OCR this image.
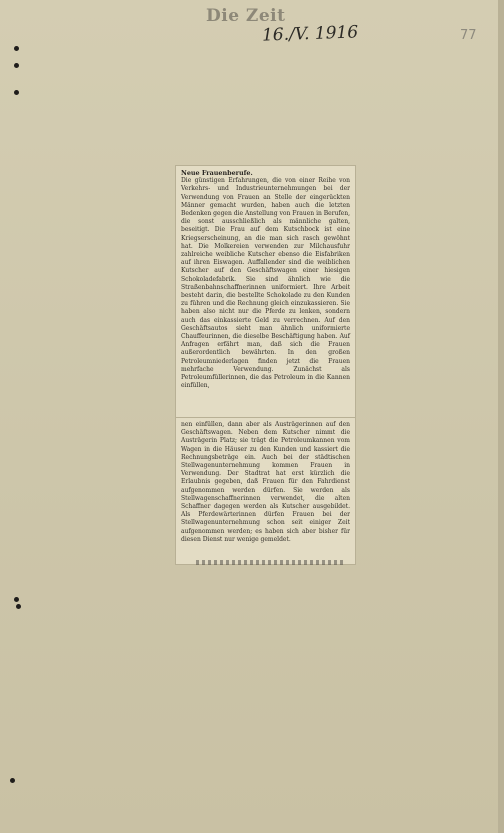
Die Zeit
16./V. 1916	77

Neue Frauenberufe.

Die günstigen Erfahrungen, die von einer Reihe von Verkehrs- und Industrieunternehmungen bei der Verwendung von Frauen an Stelle der eingerückten Männer gemacht wurden, haben auch die letzten Bedenken gegen die Anstellung von Frauen in Berufen, die sonst ausschließlich als männliche galten, beseitigt. Die Frau auf dem Kutschbock ist eine Kriegserscheinung, an die man sich rasch gewöhnt hat. Die Molkereien verwenden zur Milchausfuhr zahlreiche weibliche Kutscher ebenso die Eisfabriken auf ihren Eiswagen. Auffallender sind die weiblichen Kutscher auf den Geschäftswagen einer hiesigen Schokoladefabrik. Sie sind ähnlich wie die Straßenbahnschaffnerinnen uniformiert. Ihre Arbeit besteht darin, die bestellte Schokolade zu den Kunden zu führen und die Rechnung gleich einzukassieren. Sie haben also nicht nur die Pferde zu lenken, sondern auch das einkassierte Geld zu verrechnen. Auf den Geschäftsautos sieht man ähnlich uniformierte Chauffeurinnen, die dieselbe Beschäftigung haben. Auf Anfragen erfährt man, daß sich die Frauen außerordentlich bewährten. In den großen Petroleumniederlagen finden jetzt die Frauen mehrfache Verwendung. Zunächst als Petroleumfüllerinnen, die das Petroleum in die Kannen einfüllen,

nen einfüllen, dann aber als Austrägerinnen auf den Geschäftswagen. Neben dem Kutscher nimmt die Austrägerin Platz; sie trägt die Petroleumkannen vom Wagen in die Häuser zu den Kunden und kassiert die Rechnungsbeträge ein. Auch bei der städtischen Stellwagenunternehmung kommen Frauen in Verwendung. Der Stadtrat hat erst kürzlich die Erlaubnis gegeben, daß Frauen für den Fahrdienst aufgenommen werden dürfen. Sie werden als Stellwagenschaffnerinnen verwendet, die alten Schaffner dagegen werden als Kutscher ausgebildet. Als Pferdewärterinnen dürfen Frauen bei der Stellwagenunternehmung schon seit einiger Zeit aufgenommen werden; es haben sich aber bisher für diesen Dienst nur wenige gemeldet.
